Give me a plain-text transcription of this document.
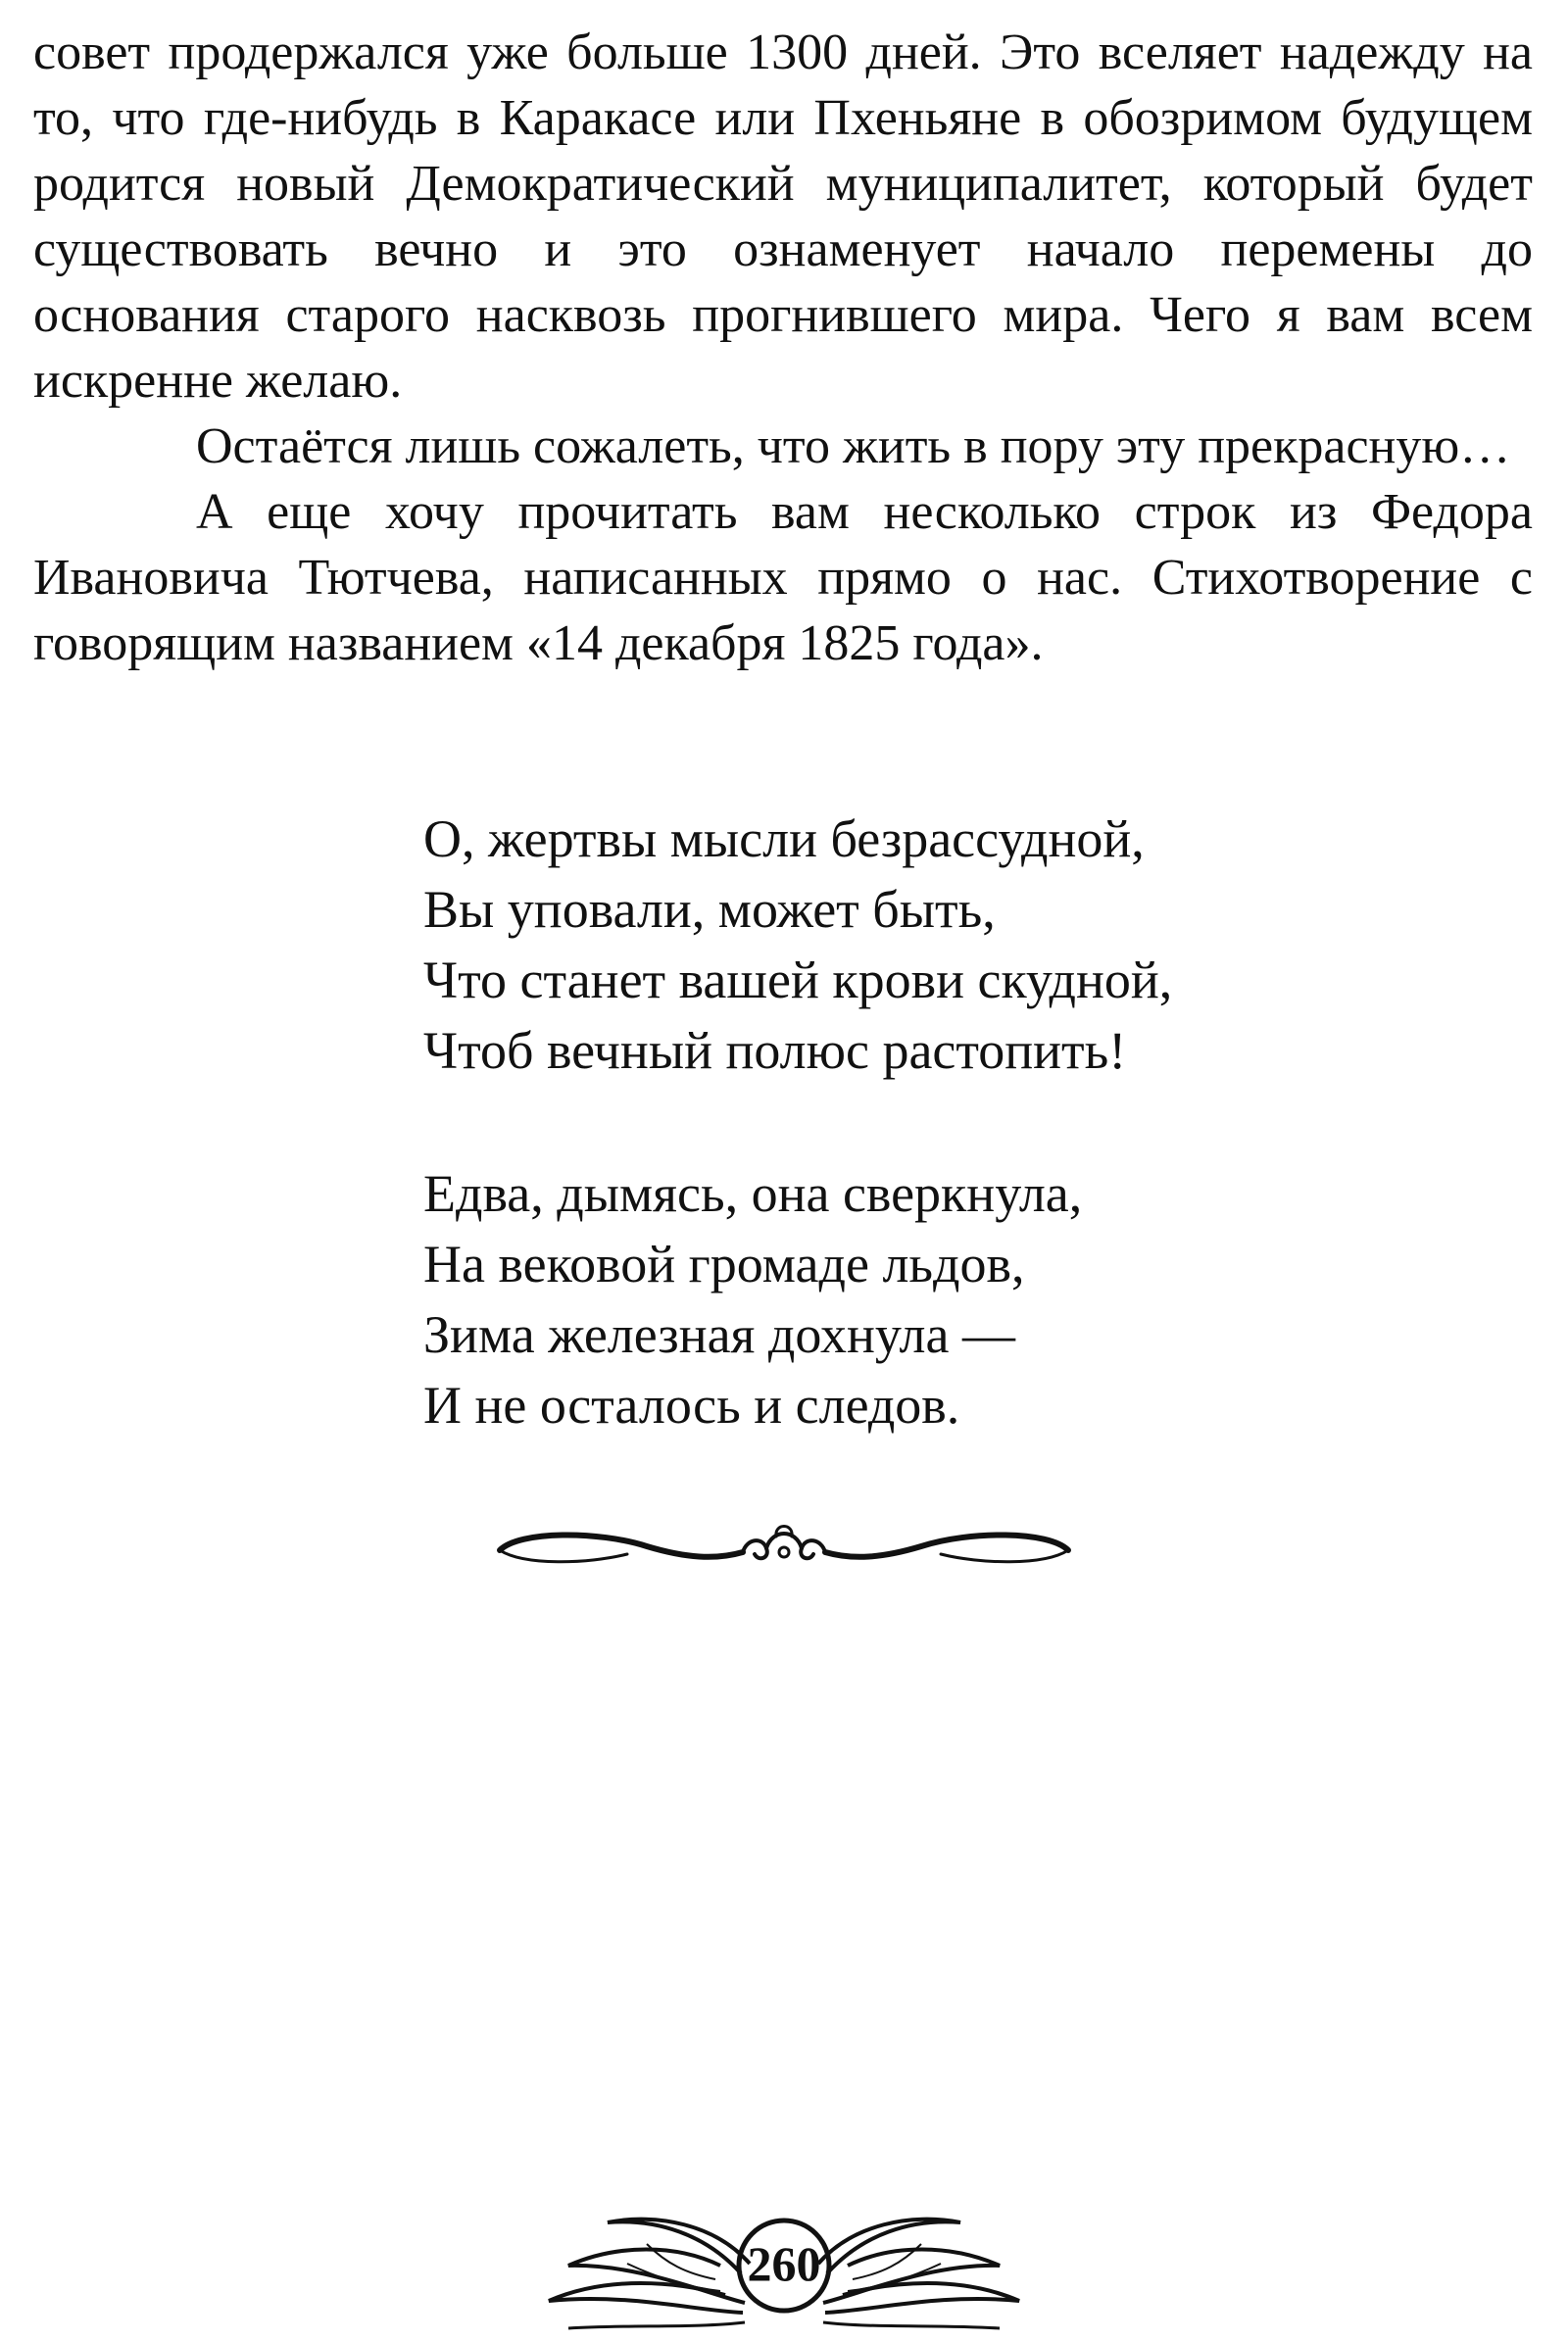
совет продержался уже больше 1300 дней. Это вселяет надежду на то, что где-нибудь в Каракасе или Пхеньяне в обозримом будущем родится новый Демократический муниципалитет, который будет существовать вечно и это ознаменует начало перемены до основания старого насквозь прогнившего мира. Чего я вам всем искренне желаю.

Остаётся лишь сожалеть, что жить в пору эту прекрасную…

А еще хочу прочитать вам несколько строк из Федора Ивановича Тютчева, написанных прямо о нас. Стихотворение с говорящим названием «14 декабря 1825 года».

О, жертвы мысли безрассудной,
Вы уповали, может быть,
Что станет вашей крови скудной,
Чтоб вечный полюс растопить!
Едва, дымясь, она сверкнула,
На вековой громаде льдов,
Зима железная дохнула —
И не осталось и следов.
260
